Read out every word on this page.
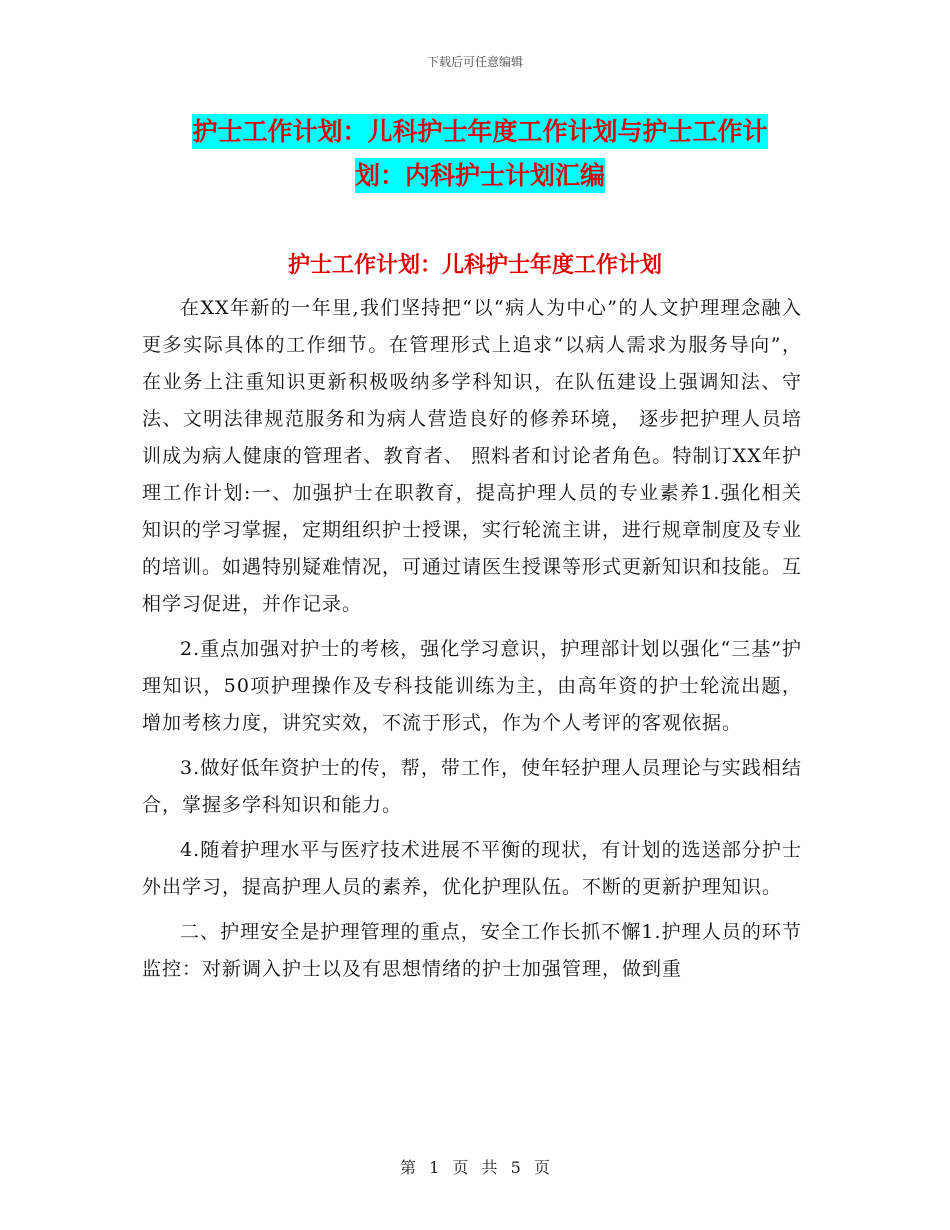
下载后可任意编辑
护士工作计划：儿科护士年度工作计划与护士工作计
划：内科护士计划汇编
护士工作计划：儿科护士年度工作计划

在XX年新的一年里,我们坚持把“以“病人为中心”的人文护理理念融入更多实际具体的工作细节。在管理形式上追求“以病人需求为服务导向”， 在业务上注重知识更新积极吸纳多学科知识，在队伍建设上强调知法、守法、文明法律规范服务和为病人营造良好的修养环境， 逐步把护理人员培训成为病人健康的管理者、教育者、 照料者和讨论者角色。特制订XX年护理工作计划:一、加强护士在职教育，提高护理人员的专业素养1.强化相关知识的学习掌握，定期组织护士授课，实行轮流主讲，进行规章制度及专业的培训。如遇特别疑难情况，可通过请医生授课等形式更新知识和技能。互相学习促进，并作记录。

2.重点加强对护士的考核，强化学习意识，护理部计划以强化“三基”护理知识，50项护理操作及专科技能训练为主，由高年资的护士轮流出题，增加考核力度，讲究实效，不流于形式，作为个人考评的客观依据。

3.做好低年资护士的传，帮，带工作，使年轻护理人员理论与实践相结合，掌握多学科知识和能力。

4.随着护理水平与医疗技术进展不平衡的现状，有计划的选送部分护士外出学习，提高护理人员的素养，优化护理队伍。不断的更新护理知识。

二、护理安全是护理管理的重点，安全工作长抓不懈1.护理人员的环节监控：对新调入护士以及有思想情绪的护士加强管理，做到重

第 1 页 共 5 页
